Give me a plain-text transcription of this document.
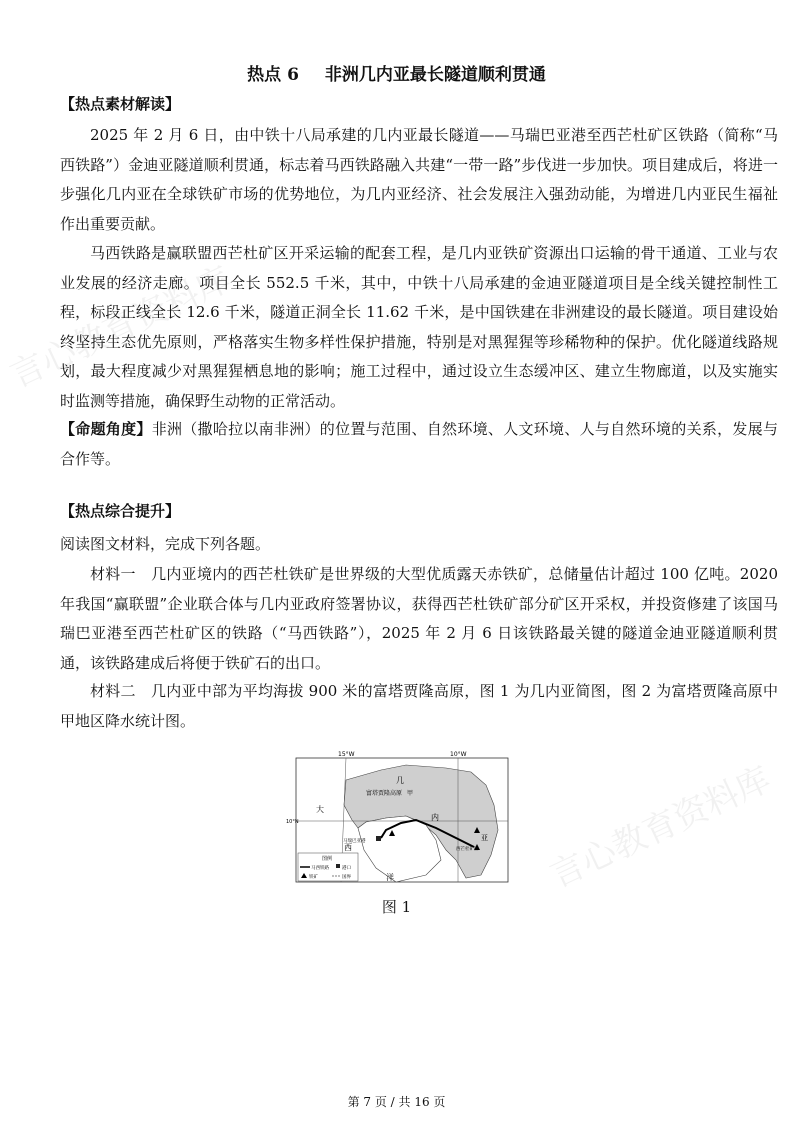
言心教育资料库
言心教育资料库
热点 6 非洲几内亚最长隧道顺利贯通
【热点素材解读】
2025 年 2 月 6 日，由中铁十八局承建的几内亚最长隧道——马瑞巴亚港至西芒杜矿区铁路（简称“马西铁路”）金迪亚隧道顺利贯通，标志着马西铁路融入共建“一带一路”步伐进一步加快。项目建成后，将进一步强化几内亚在全球铁矿市场的优势地位，为几内亚经济、社会发展注入强劲动能，为增进几内亚民生福祉作出重要贡献。
马西铁路是赢联盟西芒杜矿区开采运输的配套工程，是几内亚铁矿资源出口运输的骨干通道、工业与农业发展的经济走廊。项目全长 552.5 千米，其中，中铁十八局承建的金迪亚隧道项目是全线关键控制性工程，标段正线全长 12.6 千米，隧道正洞全长 11.62 千米，是中国铁建在非洲建设的最长隧道。项目建设始终坚持生态优先原则，严格落实生物多样性保护措施，特别是对黑猩猩等珍稀物种的保护。优化隧道线路规划，最大程度减少对黑猩猩栖息地的影响；施工过程中，通过设立生态缓冲区、建立生物廊道，以及实施实时监测等措施，确保野生动物的正常活动。
【命题角度】非洲（撒哈拉以南非洲）的位置与范围、自然环境、人文环境、人与自然环境的关系，发展与合作等。
【热点综合提升】
阅读图文材料，完成下列各题。
材料一　几内亚境内的西芒杜铁矿是世界级的大型优质露天赤铁矿，总储量估计超过 100 亿吨。2020 年我国“赢联盟”企业联合体与几内亚政府签署协议，获得西芒杜铁矿部分矿区开采权，并投资修建了该国马瑞巴亚港至西芒杜矿区的铁路（“马西铁路”），2025 年 2 月 6 日该铁路最关键的隧道金迪亚隧道顺利贯通，该铁路建成后将便于铁矿石的出口。
材料二　几内亚中部为平均海拔 900 米的富塔贾隆高原，图 1 为几内亚简图，图 2 为富塔贾隆高原中甲地区降水统计图。
15°W	10°W
10°N
几
内
亚
富塔贾隆高原 甲
大
西
洋
马瑞巴亚港
西芒杜矿区
图例
马西铁路	港口
铁矿	国界
图 1
第 7 页 / 共 16 页
